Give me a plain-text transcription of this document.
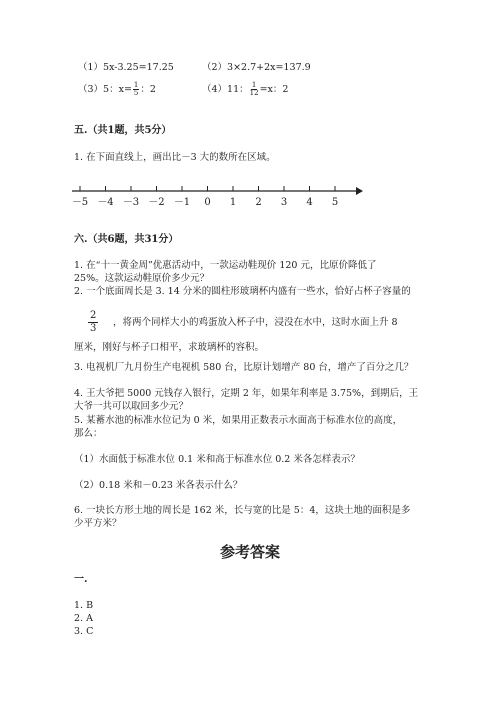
（1）5x-3.25=17.25	（2）3×2.7+2x=137.9
（3）5：$x= \frac{1}{5}$ ：2	（4）11： $\frac{1}{12} =x$：2
五.（共1题，共5分）
1. 在下面直线上，画出比－3 大的数所在区域。
－5 －4 －3 －2 －1 0 1 2 3 4 5
六.（共6题，共31分）
1. 在“十一黄金周”优惠活动中，一款运动鞋现价 120 元，比原价降低了
25%。这款运动鞋原价多少元？
2. 一个底面周长是 3. 14 分米的圆柱形玻璃杯内盛有一些水，恰好占杯子容量的
$\frac{2}{3}$ ，将两个同样大小的鸡蛋放入杯子中，浸没在水中，这时水面上升 8
厘米，刚好与杯子口相平，求玻璃杯的容积。
3. 电视机厂九月份生产电视机 580 台，比原计划增产 80 台，增产了百分之几？
4. 王大爷把 5000 元钱存入银行，定期 2 年，如果年利率是 3.75%，到期后，王
大爷一共可以取回多少元？
5. 某蓄水池的标准水位记为 0 米，如果用正数表示水面高于标准水位的高度，
那么：
（1）水面低于标准水位 0.1 米和高于标准水位 0.2 米各怎样表示？
（2）0.18 米和－0.23 米各表示什么？
6. 一块长方形土地的周长是 162 米，长与宽的比是 5：4，这块土地的面积是多
少平方米？
参考答案
一.
1. B
2. A
3. C
